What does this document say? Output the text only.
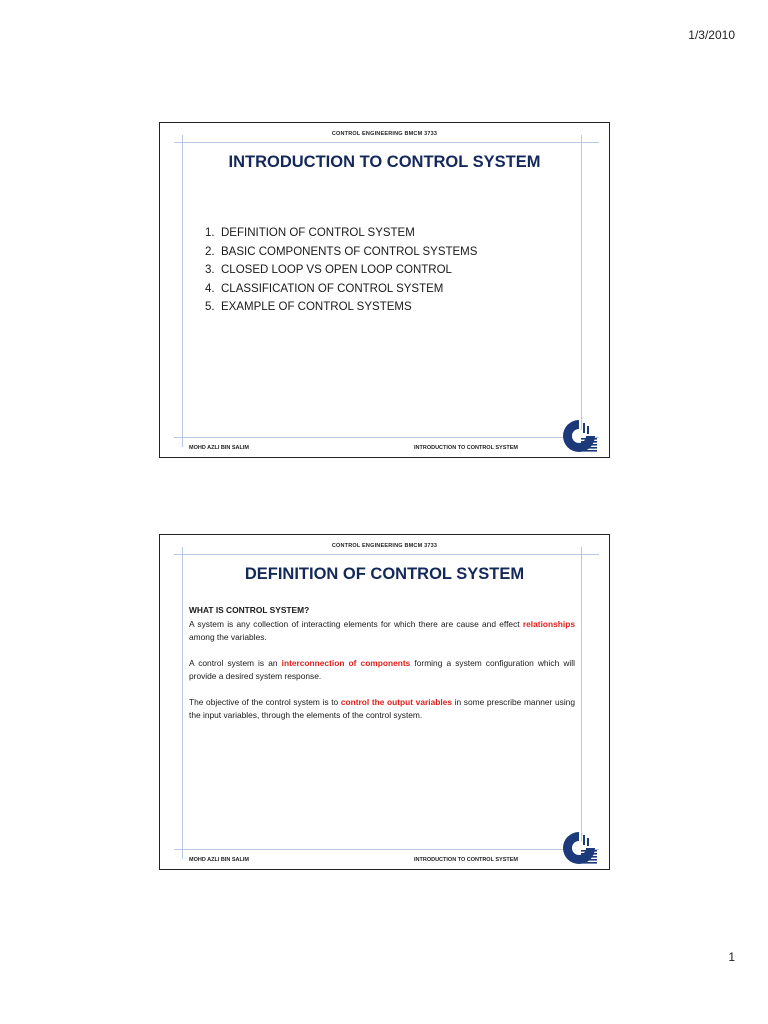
1/3/2010
CONTROL ENGINEERING BMCM 3733
INTRODUCTION TO CONTROL SYSTEM
1. DEFINITION OF CONTROL SYSTEM
2. BASIC COMPONENTS OF CONTROL SYSTEMS
3. CLOSED LOOP VS OPEN LOOP CONTROL
4. CLASSIFICATION OF CONTROL SYSTEM
5. EXAMPLE OF CONTROL SYSTEMS
MOHD AZLI BIN SALIM	INTRODUCTION TO CONTROL SYSTEM
CONTROL ENGINEERING BMCM 3733
DEFINITION OF CONTROL SYSTEM
WHAT IS CONTROL SYSTEM?

A system is any collection of interacting elements for which there are cause and effect relationships among the variables.

A control system is an interconnection of components forming a system configuration which will provide a desired system response.

The objective of the control system is to control the output variables in some prescribe manner using the input variables, through the elements of the control system.

MOHD AZLI BIN SALIM	INTRODUCTION TO CONTROL SYSTEM
1
